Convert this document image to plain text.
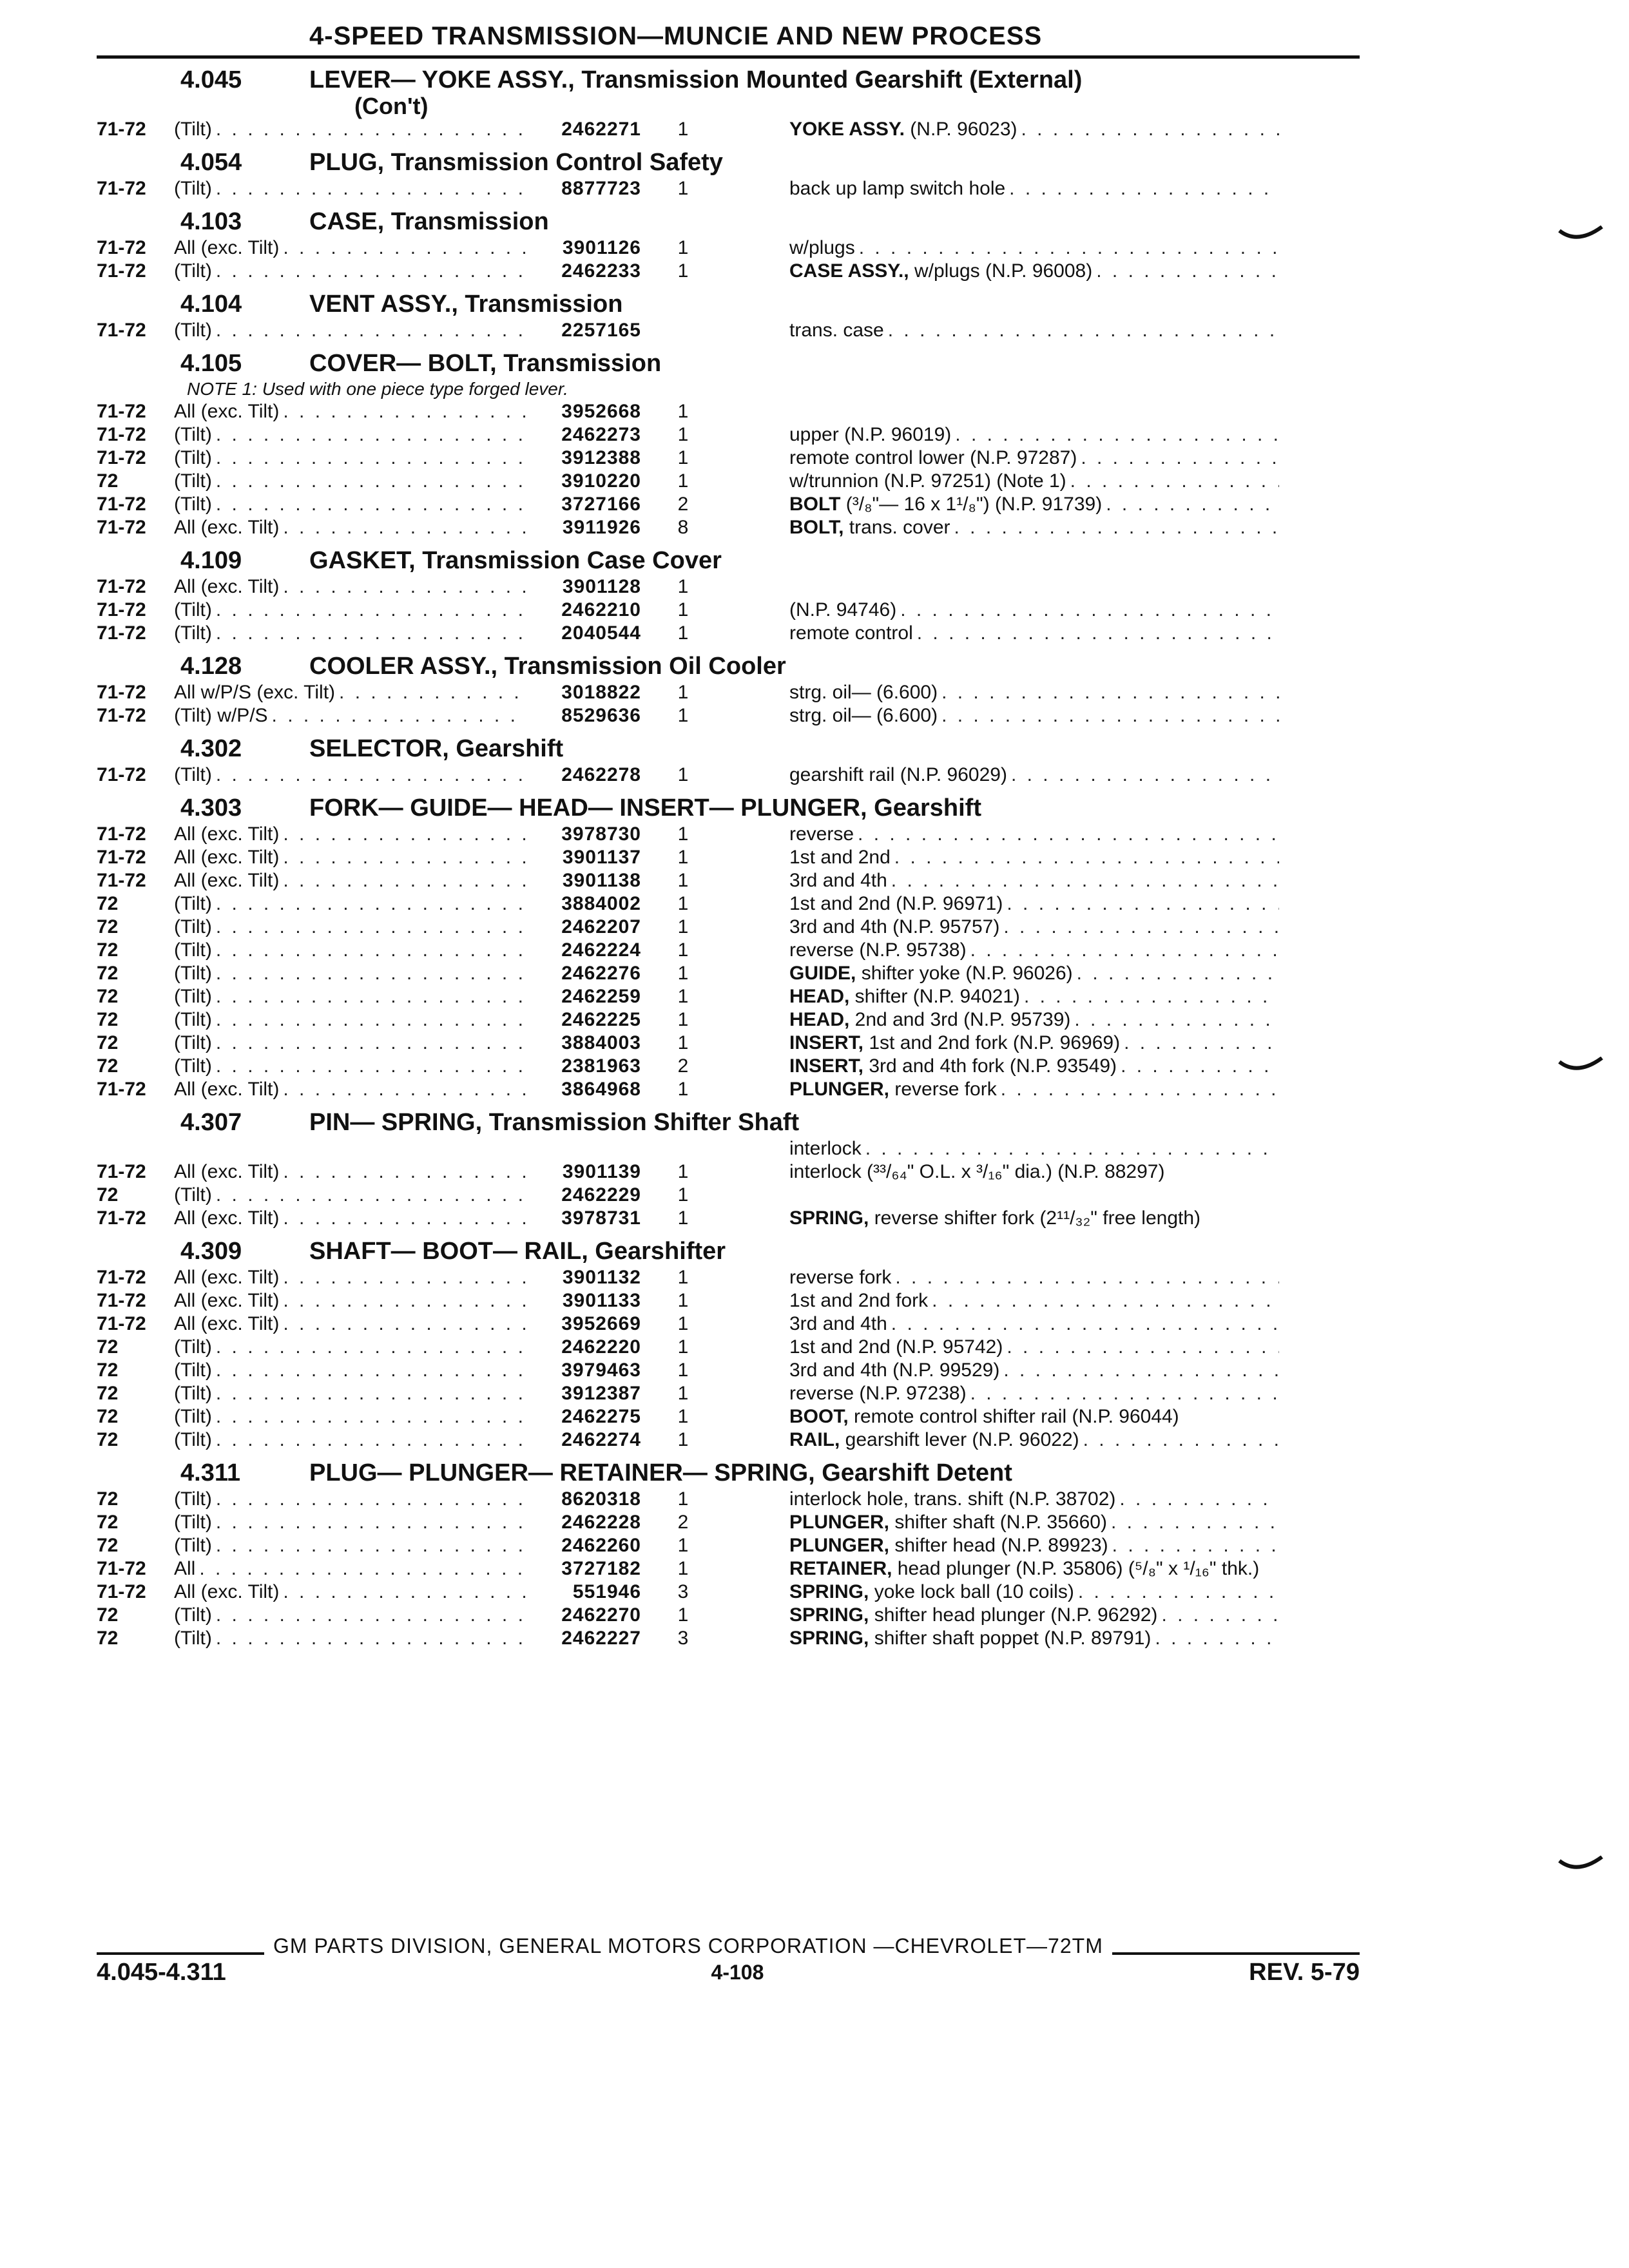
4-SPEED TRANSMISSION—MUNCIE AND NEW PROCESS
4.045	LEVER— YOKE ASSY., Transmission Mounted Gearshift (External)
(Con't)
71-72	(Tilt) . . .	2462271	1	YOKE ASSY. (N.P. 96023)
. . .
4.054	PLUG, Transmission Control Safety
71-72	(Tilt) . . .	8877723	1	back up lamp switch hole
. . .
4.103	CASE, Transmission
71-72	All (exc. Tilt) . . .	3901126	1	w/plugs
. . .
71-72	(Tilt) . . .	2462233	1	CASE ASSY., w/plugs (N.P. 96008)
. . .
4.104	VENT ASSY., Transmission
71-72	(Tilt) . . .	2257165	trans. case
. . .
4.105	COVER— BOLT, Transmission
NOTE 1: Used with one piece type forged lever.
71-72	All (exc. Tilt) . . .	3952668	1
71-72	(Tilt) . . .	2462273	1	upper (N.P. 96019)
. . .
71-72	(Tilt) . . .	3912388	1	remote control lower (N.P. 97287)
. . .
72	(Tilt) . . .	3910220	1	w/trunnion (N.P. 97251) (Note 1)
. . .
71-72	(Tilt) . . .	3727166	2	BOLT (³/₈"— 16 x 1¹/₈") (N.P. 91739)
. . .
71-72	All (exc. Tilt) . . .	3911926	8	BOLT, trans. cover
. . .
4.109	GASKET, Transmission Case Cover
71-72	All (exc. Tilt) . . .	3901128	1
71-72	(Tilt) . . .	2462210	1	(N.P. 94746)
. . .
71-72	(Tilt) . . .	2040544	1	remote control
. . .
4.128	COOLER ASSY., Transmission Oil Cooler
71-72	All w/P/S (exc. Tilt) . . .	3018822	1	strg. oil— (6.600)
. . .
71-72	(Tilt) w/P/S . . .	8529636	1	strg. oil— (6.600)
. . .
4.302	SELECTOR, Gearshift
71-72	(Tilt) . . .	2462278	1	gearshift rail (N.P. 96029)
. . .
4.303	FORK— GUIDE— HEAD— INSERT— PLUNGER, Gearshift
71-72	All (exc. Tilt) . . .	3978730	1	reverse
. . .
71-72	All (exc. Tilt) . . .	3901137	1	1st and 2nd
. . .
71-72	All (exc. Tilt) . . .	3901138	1	3rd and 4th
. . .
72	(Tilt) . . .	3884002	1	1st and 2nd (N.P. 96971)
. . .
72	(Tilt) . . .	2462207	1	3rd and 4th (N.P. 95757)
. . .
72	(Tilt) . . .	2462224	1	reverse (N.P. 95738)
. . .
72	(Tilt) . . .	2462276	1	GUIDE, shifter yoke (N.P. 96026)
. . .
72	(Tilt) . . .	2462259	1	HEAD, shifter (N.P. 94021)
. . .
72	(Tilt) . . .	2462225	1	HEAD, 2nd and 3rd (N.P. 95739)
. . .
72	(Tilt) . . .	3884003	1	INSERT, 1st and 2nd fork (N.P. 96969)
. . .
72	(Tilt) . . .	2381963	2	INSERT, 3rd and 4th fork (N.P. 93549)
. . .
71-72	All (exc. Tilt) . . .	3864968	1	PLUNGER, reverse fork
. . .
4.307	PIN— SPRING, Transmission Shifter Shaft
interlock
. . .
71-72	All (exc. Tilt) . . .	3901139	1	interlock (³³/₆₄" O.L. x ³/₁₆" dia.) (N.P. 88297)
72	(Tilt) . . .	2462229	1
71-72	All (exc. Tilt) . . .	3978731	1	SPRING, reverse shifter fork (2¹¹/₃₂" free length)
4.309	SHAFT— BOOT— RAIL, Gearshifter
71-72	All (exc. Tilt) . . .	3901132	1	reverse fork
. . .
71-72	All (exc. Tilt) . . .	3901133	1	1st and 2nd fork
. . .
71-72	All (exc. Tilt) . . .	3952669	1	3rd and 4th
. . .
72	(Tilt) . . .	2462220	1	1st and 2nd (N.P. 95742)
. . .
72	(Tilt) . . .	3979463	1	3rd and 4th (N.P. 99529)
. . .
72	(Tilt) . . .	3912387	1	reverse (N.P. 97238)
. . .
72	(Tilt) . . .	2462275	1	BOOT, remote control shifter rail (N.P. 96044)
72	(Tilt) . . .	2462274	1	RAIL, gearshift lever (N.P. 96022)
. . .
4.311	PLUG— PLUNGER— RETAINER— SPRING, Gearshift Detent
72	(Tilt) . . .	8620318	1	interlock hole, trans. shift (N.P. 38702)
. . .
72	(Tilt) . . .	2462228	2	PLUNGER, shifter shaft (N.P. 35660)
. . .
72	(Tilt) . . .	2462260	1	PLUNGER, shifter head (N.P. 89923)
. . .
71-72	All . . .	3727182	1	RETAINER, head plunger (N.P. 35806) (⁵/₈" x ¹/₁₆" thk.)
71-72	All (exc. Tilt) . . .	551946	3	SPRING, yoke lock ball (10 coils)
. . .
72	(Tilt) . . .	2462270	1	SPRING, shifter head plunger (N.P. 96292)
. . .
72	(Tilt) . . .	2462227	3	SPRING, shifter shaft poppet (N.P. 89791)
. . .
GM PARTS DIVISION, GENERAL MOTORS CORPORATION —CHEVROLET—72TM
4.045-4.311	4-108	REV. 5-79
